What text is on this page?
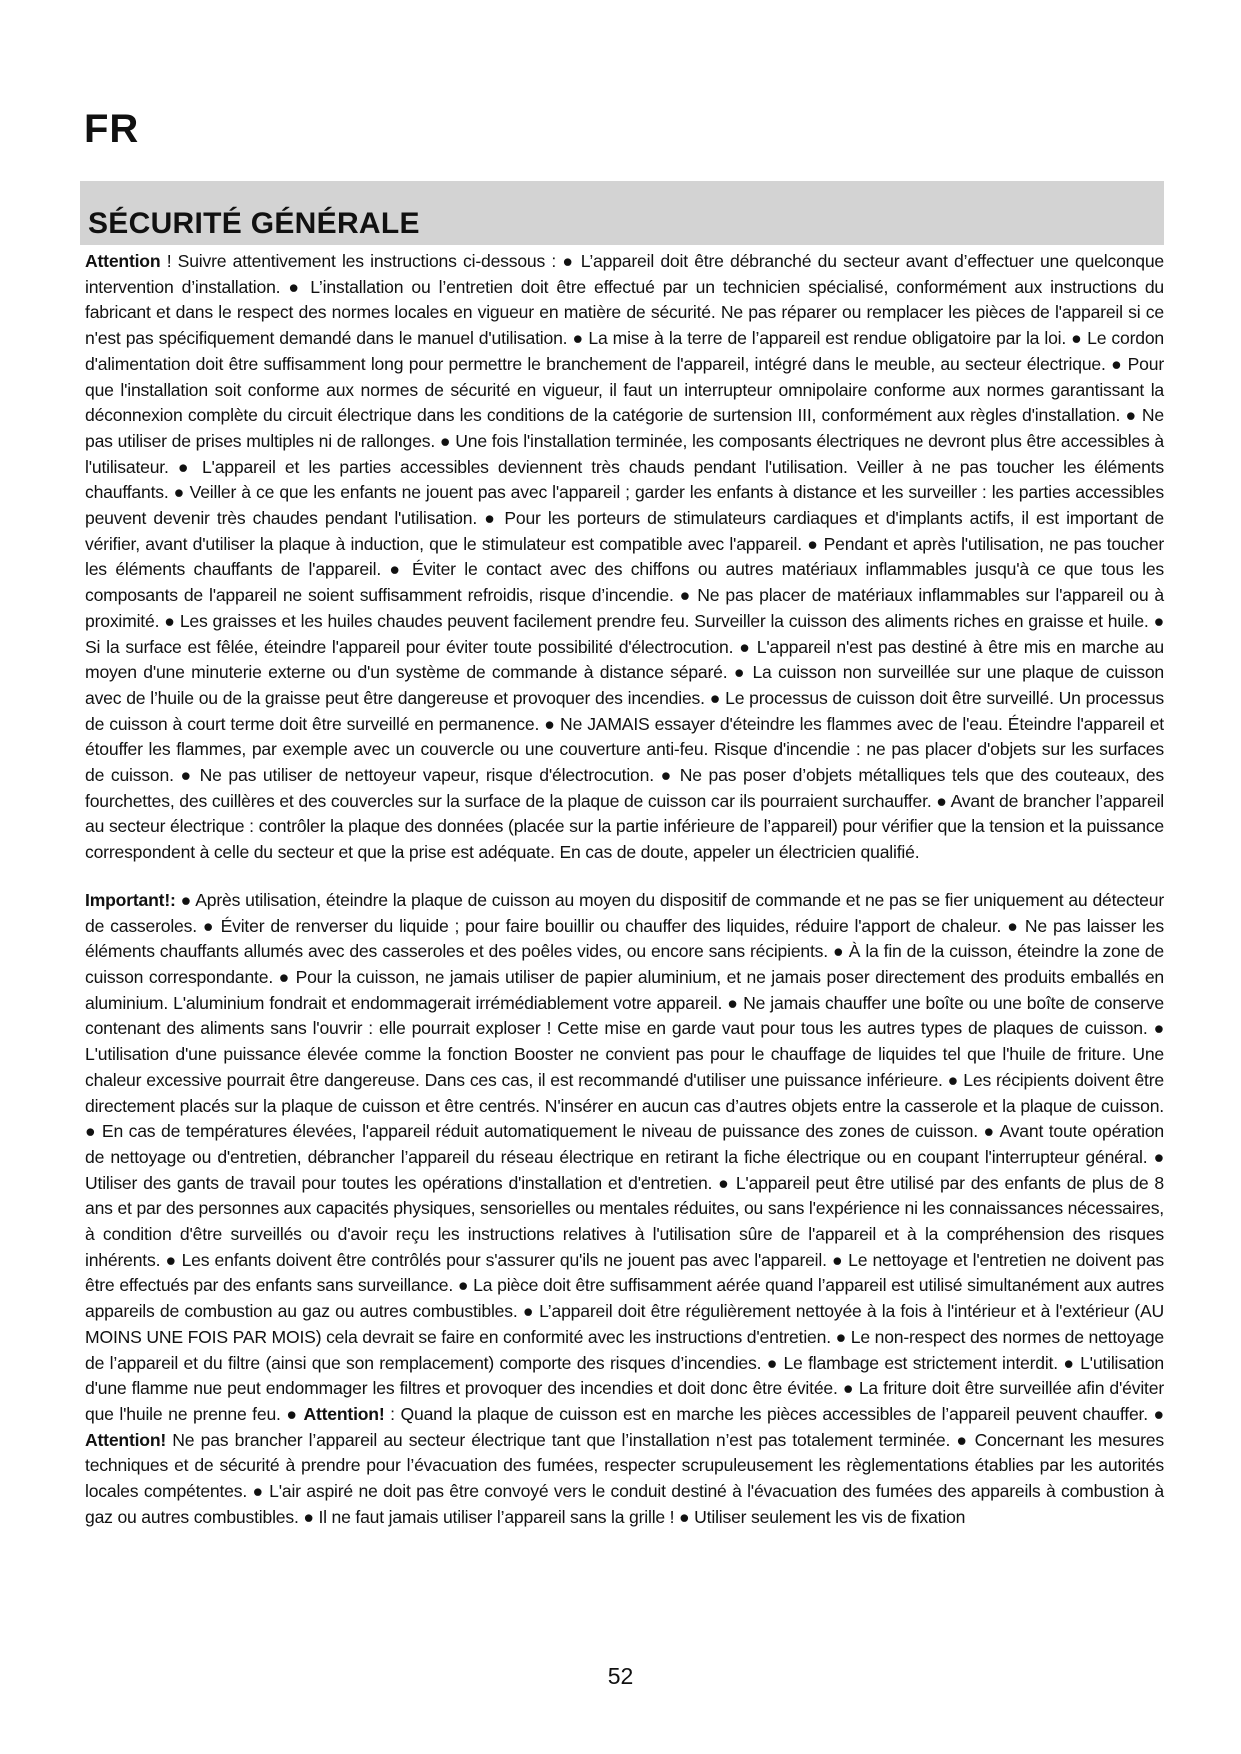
FR
SÉCURITÉ GÉNÉRALE

Attention ! Suivre attentivement les instructions ci-dessous : ● L’appareil doit être débranché du secteur avant d’effectuer une quelconque intervention d’installation. ● L’installation ou l’entretien doit être effectué par un technicien spécialisé, conformément aux instructions du fabricant et dans le respect des normes locales en vigueur en matière de sécurité. Ne pas réparer ou remplacer les pièces de l'appareil si ce n'est pas spécifiquement demandé dans le manuel d'utilisation. ● La mise à la terre de l’appareil est rendue obligatoire par la loi. ● Le cordon d'alimentation doit être suffisamment long pour permettre le branchement de l'appareil, intégré dans le meuble, au secteur électrique. ● Pour que l'installation soit conforme aux normes de sécurité en vigueur, il faut un interrupteur omnipolaire conforme aux normes garantissant la déconnexion complète du circuit électrique dans les conditions de la catégorie de surtension III, conformément aux règles d'installation. ● Ne pas utiliser de prises multiples ni de rallonges. ● Une fois l'installation terminée, les composants électriques ne devront plus être accessibles à l'utilisateur. ● L'appareil et les parties accessibles deviennent très chauds pendant l'utilisation. Veiller à ne pas toucher les éléments chauffants. ● Veiller à ce que les enfants ne jouent pas avec l'appareil ; garder les enfants à distance et les surveiller : les parties accessibles peuvent devenir très chaudes pendant l'utilisation. ● Pour les porteurs de stimulateurs cardiaques et d'implants actifs, il est important de vérifier, avant d'utiliser la plaque à induction, que le stimulateur est compatible avec l'appareil. ● Pendant et après l'utilisation, ne pas toucher les éléments chauffants de l'appareil. ● Éviter le contact avec des chiffons ou autres matériaux inflammables jusqu'à ce que tous les composants de l'appareil ne soient suffisamment refroidis, risque d’incendie. ● Ne pas placer de matériaux inflammables sur l'appareil ou à proximité. ● Les graisses et les huiles chaudes peuvent facilement prendre feu. Surveiller la cuisson des aliments riches en graisse et huile. ● Si la surface est fêlée, éteindre l'appareil pour éviter toute possibilité d'électrocution. ● L'appareil n'est pas destiné à être mis en marche au moyen d'une minuterie externe ou d'un système de commande à distance séparé. ● La cuisson non surveillée sur une plaque de cuisson avec de l’huile ou de la graisse peut être dangereuse et provoquer des incendies. ● Le processus de cuisson doit être surveillé. Un processus de cuisson à court terme doit être surveillé en permanence. ● Ne JAMAIS essayer d'éteindre les flammes avec de l'eau. Éteindre l'appareil et étouffer les flammes, par exemple avec un couvercle ou une couverture anti-feu. Risque d'incendie : ne pas placer d'objets sur les surfaces de cuisson. ● Ne pas utiliser de nettoyeur vapeur, risque d'électrocution. ● Ne pas poser d’objets métalliques tels que des couteaux, des fourchettes, des cuillères et des couvercles sur la surface de la plaque de cuisson car ils pourraient surchauffer. ● Avant de brancher l’appareil au secteur électrique : contrôler la plaque des données (placée sur la partie inférieure de l’appareil) pour vérifier que la tension et la puissance correspondent à celle du secteur et que la prise est adéquate. En cas de doute, appeler un électricien qualifié.

Important!: ● Après utilisation, éteindre la plaque de cuisson au moyen du dispositif de commande et ne pas se fier uniquement au détecteur de casseroles. ● Éviter de renverser du liquide ; pour faire bouillir ou chauffer des liquides, réduire l'apport de chaleur. ● Ne pas laisser les éléments chauffants allumés avec des casseroles et des poêles vides, ou encore sans récipients. ● À la fin de la cuisson, éteindre la zone de cuisson correspondante. ● Pour la cuisson, ne jamais utiliser de papier aluminium, et ne jamais poser directement des produits emballés en aluminium. L'aluminium fondrait et endommagerait irrémédiablement votre appareil. ● Ne jamais chauffer une boîte ou une boîte de conserve contenant des aliments sans l'ouvrir : elle pourrait exploser ! Cette mise en garde vaut pour tous les autres types de plaques de cuisson. ● L'utilisation d'une puissance élevée comme la fonction Booster ne convient pas pour le chauffage de liquides tel que l'huile de friture. Une chaleur excessive pourrait être dangereuse. Dans ces cas, il est recommandé d'utiliser une puissance inférieure. ● Les récipients doivent être directement placés sur la plaque de cuisson et être centrés. N'insérer en aucun cas d’autres objets entre la casserole et la plaque de cuisson. ● En cas de températures élevées, l'appareil réduit automatiquement le niveau de puissance des zones de cuisson. ● Avant toute opération de nettoyage ou d'entretien, débrancher l’appareil du réseau électrique en retirant la fiche électrique ou en coupant l'interrupteur général. ● Utiliser des gants de travail pour toutes les opérations d'installation et d'entretien. ● L'appareil peut être utilisé par des enfants de plus de 8 ans et par des personnes aux capacités physiques, sensorielles ou mentales réduites, ou sans l'expérience ni les connaissances nécessaires, à condition d'être surveillés ou d'avoir reçu les instructions relatives à l'utilisation sûre de l'appareil et à la compréhension des risques inhérents. ● Les enfants doivent être contrôlés pour s'assurer qu'ils ne jouent pas avec l'appareil. ● Le nettoyage et l'entretien ne doivent pas être effectués par des enfants sans surveillance. ● La pièce doit être suffisamment aérée quand l’appareil est utilisé simultanément aux autres appareils de combustion au gaz ou autres combustibles. ● L’appareil doit être régulièrement nettoyée à la fois à l'intérieur et à l'extérieur (AU MOINS UNE FOIS PAR MOIS) cela devrait se faire en conformité avec les instructions d'entretien. ● Le non-respect des normes de nettoyage de l’appareil et du filtre (ainsi que son remplacement) comporte des risques d’incendies. ● Le flambage est strictement interdit. ● L'utilisation d'une flamme nue peut endommager les filtres et provoquer des incendies et doit donc être évitée. ● La friture doit être surveillée afin d'éviter que l'huile ne prenne feu. ● Attention! : Quand la plaque de cuisson est en marche les pièces accessibles de l’appareil peuvent chauffer. ● Attention! Ne pas brancher l’appareil au secteur électrique tant que l’installation n’est pas totalement terminée. ● Concernant les mesures techniques et de sécurité à prendre pour l’évacuation des fumées, respecter scrupuleusement les règlementations établies par les autorités locales compétentes. ● L'air aspiré ne doit pas être convoyé vers le conduit destiné à l'évacuation des fumées des appareils à combustion à gaz ou autres combustibles. ● Il ne faut jamais utiliser l’appareil sans la grille ! ● Utiliser seulement les vis de fixation

52
